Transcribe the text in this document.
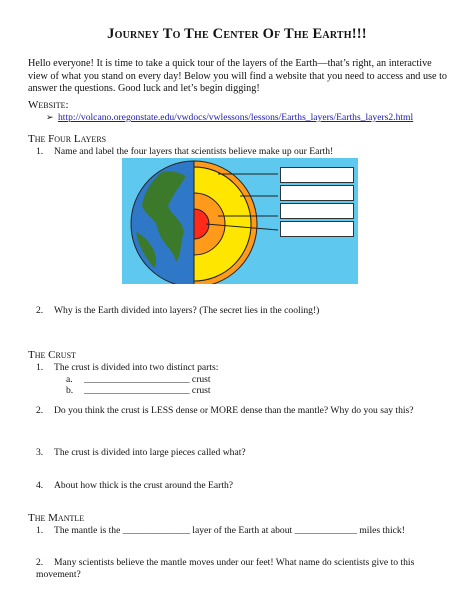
Journey To The Center Of The Earth!!!
Hello everyone! It is time to take a quick tour of the layers of the Earth—that’s right, an interactive view of what you stand on every day! Below you will find a website that you need to access and use to answer the questions. Good luck and let’s begin digging!
Website:
➢ http://volcano.oregonstate.edu/vwdocs/vwlessons/lessons/Earths_layers/Earths_layers2.html
The Four Layers
1. Name and label the four layers that scientists believe make up our Earth!
2. Why is the Earth divided into layers? (The secret lies in the cooling!)
The Crust
1. The crust is divided into two distinct parts:
a. ______________________ crust
b. ______________________ crust
2. Do you think the crust is LESS dense or MORE dense than the mantle? Why do you say this?
3. The crust is divided into large pieces called what?
4. About how thick is the crust around the Earth?
The Mantle
1. The mantle is the ______________ layer of the Earth at about _____________ miles thick!
2. Many scientists believe the mantle moves under our feet! What name do scientists give to this movement?
